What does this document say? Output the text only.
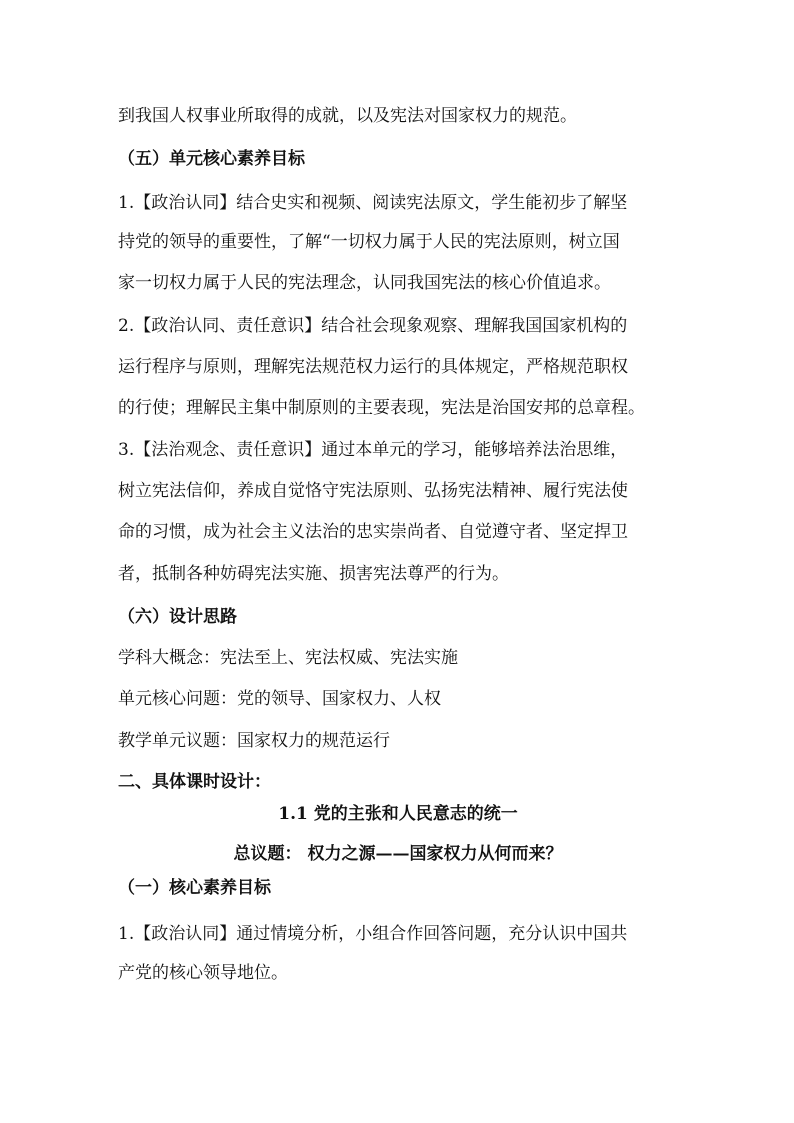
到我国人权事业所取得的成就，以及宪法对国家权力的规范。
（五）单元核心素养目标
1.【政治认同】结合史实和视频、阅读宪法原文，学生能初步了解坚
持党的领导的重要性，了解“一切权力属于人民的宪法原则，树立国
家一切权力属于人民的宪法理念，认同我国宪法的核心价值追求。
2.【政治认同、责任意识】结合社会现象观察、理解我国国家机构的
运行程序与原则，理解宪法规范权力运行的具体规定，严格规范职权
的行使；理解民主集中制原则的主要表现，宪法是治国安邦的总章程。
3.【法治观念、责任意识】通过本单元的学习，能够培养法治思维，
树立宪法信仰，养成自觉恪守宪法原则、弘扬宪法精神、履行宪法使
命的习惯，成为社会主义法治的忠实崇尚者、自觉遵守者、坚定捍卫
者，抵制各种妨碍宪法实施、损害宪法尊严的行为。
（六）设计思路
学科大概念：宪法至上、宪法权威、宪法实施
单元核心问题：党的领导、国家权力、人权
教学单元议题：国家权力的规范运行
二、具体课时设计：
1.1 党的主张和人民意志的统一
总议题： 权力之源——国家权力从何而来？
（一）核心素养目标
1.【政治认同】通过情境分析，小组合作回答问题，充分认识中国共
产党的核心领导地位。
